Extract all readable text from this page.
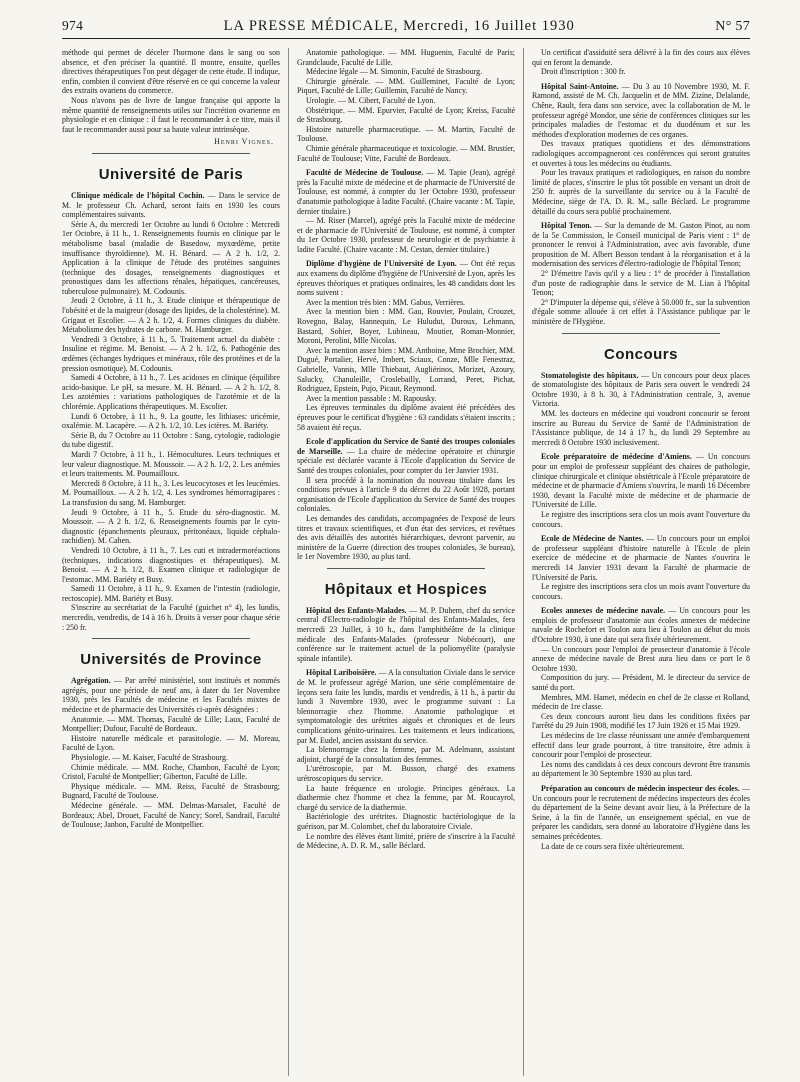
974	LA PRESSE MÉDICALE, Mercredi, 16 Juillet 1930	N° 57

méthode qui permet de déceler l'hormone dans le sang ou son absence, et d'en préciser la quantité. Il montre, ensuite, quelles directives thérapeutiques l'on peut dégager de cette étude. Il indique, enfin, combien il convient d'être réservé en ce qui concerne la valeur des extraits ovariens du commerce.

Nous n'avons pas de livre de langue française qui apporte la même quantité de renseignements utiles sur l'incrétion ovarienne en physiologie et en clinique : il faut le recommander à ce titre, mais il faut le recommander aussi pour sa haute valeur intrinsèque.

Henri Vignes.

Université de Paris

Clinique médicale de l'hôpital Cochin. — Dans le service de M. le professeur Ch. Achard, seront faits en 1930 les cours complémentaires suivants.

Série A, du mercredi 1er Octobre au lundi 6 Octobre : Mercredi 1er Octobre, à 11 h., 1. Renseignements fournis en clinique par le métabolisme basal (maladie de Basedow, myxœdème, petite insuffisance thyroïdienne). M. H. Bénard. — A 2 h. 1/2, 2. Application à la clinique de l'étude des protéines sanguines (technique des dosages, renseignements diagnostiques et pronostiques dans les affections rénales, hépatiques, cancéreuses, tuberculose pulmonaire). M. Codounis.

Jeudi 2 Octobre, à 11 h., 3. Etude clinique et thérapeutique de l'obésité et de la maigreur (dosage des lipides, de la cholestérine). M. Grigaut et Escolier. — A 2 h. 1/2, 4. Formes cliniques du diabète. Métabolisme des hydrates de carbone. M. Hamburger.

Vendredi 3 Octobre, à 11 h., 5. Traitement actuel du diabète : Insuline et régime. M. Benoist. — A 2 h. 1/2, 6. Pathogénie des œdèmes (échanges hydriques et minéraux, rôle des protéines et de la pression osmotique). M. Codounis.

Samedi 4 Octobre, à 11 h., 7. Les acidoses en clinique (équilibre acido-basique. Le pH, sa mesure. M. H. Bénard. — A 2 h. 1/2, 8. Les azotémies : variations pathologiques de l'azotémie et de la chlorémie. Applications thérapeutiques. M. Escolier.

Lundi 6 Octobre, à 11 h., 9. La goutte, les lithiases: uricémie, oxalémie. M. Lacapère. — A 2 h. 1/2, 10. Les ictères. M. Bariéty.

Série B, du 7 Octobre au 11 Octobre : Sang, cytologie, radiologie du tube digestif.

Mardi 7 Octobre, à 11 h., 1. Hémocultures. Leurs techniques et leur valeur diagnostique. M. Moussoir. — A 2 h. 1/2, 2. Les anémies et leurs traitements. M. Poumailloux.

Mercredi 8 Octobre, à 11 h., 3. Les leucocytoses et les leucémies. M. Poumailloux. — A 2 h. 1/2, 4. Les syndromes hémorragipares : La transfusion du sang. M. Hamburger.

Jeudi 9 Octobre, à 11 h., 5. Etude du séro-diagnostic. M. Moussoir. — A 2 h. 1/2, 6. Renseignements fournis par le cyto-diagnostic (épanchements pleuraux, péritonéaux, liquide céphalo-rachidien). M. Cahen.

Vendredi 10 Octobre, à 11 h., 7. Les cuti et intradermoréactions (techniques, indications diagnostiques et thérapeutiques). M. Benoist. — A 2 h. 1/2, 8. Examen clinique et radiologique de l'estomac. MM. Bariéty et Busy.

Samedi 11 Octobre, à 11 h., 9. Examen de l'intestin (radiologie, rectoscopie). MM. Bariéty et Busy.

S'inscrire au secrétariat de la Faculté (guichet n° 4), les lundis, mercredis, vendredis, de 14 à 16 h. Droits à verser pour chaque série : 250 fr.

Universités de Province

Agrégation. — Par arrêté ministériel, sont institués et nommés agrégés, pour une période de neuf ans, à dater du 1er Novembre 1930, près les Facultés de médecine et les Facultés mixtes de médecine et de pharmacie des Universités ci-après désignées :

Anatomie. — MM. Thomas, Faculté de Lille; Laux, Faculté de Montpellier; Dufour, Faculté de Bordeaux.

Histoire naturelle médicale et parasitologie. — M. Moreau, Faculté de Lyon.

Physiologie. — M. Kaiser, Faculté de Strasbourg.

Chimie médicale. — MM. Roche, Chambon, Faculté de Lyon; Cristol, Faculté de Montpellier; Giberton, Faculté de Lille.

Physique médicale. — MM. Reiss, Faculté de Strasbourg; Bugnard, Faculté de Toulouse.

Médecine générale. — MM. Delmas-Marsalet, Faculté de Bordeaux; Abel, Drouet, Faculté de Nancy; Sorel, Sandrail, Faculté de Toulouse; Janbon, Faculté de Montpellier.

Anatomie pathologique. — MM. Huguenin, Faculté de Paris; Grandclaude, Faculté de Lille.

Médecine légale — M. Simonin, Faculté de Strasbourg.

Chirurgie générale. — MM. Guilleminet, Faculté de Lyon; Piquet, Faculté de Lille; Guillemin, Faculté de Nancy.

Urologie. — M. Cibert, Faculté de Lyon.

Obstétrique. — MM. Epurvier, Faculté de Lyon; Kreiss, Faculté de Strasbourg.

Histoire naturelle pharmaceutique. — M. Martin, Faculté de Toulouse.

Chimie générale pharmaceutique et toxicologie. — MM. Brustier, Faculté de Toulouse; Vitte, Faculté de Bordeaux.

Faculté de Médecine de Toulouse. — M. Tapie (Jean), agrégé près la Faculté mixte de médecine et de pharmacie de l'Université de Toulouse, est nommé, à compter du 1er Octobre 1930, professeur d'anatomie pathologique à ladite Faculté. (Chaire vacante : M. Tapie, dernier titulaire.)

— M. Riser (Marcel), agrégé près la Faculté mixte de médecine et de pharmacie de l'Université de Toulouse, est nommé, à compter du 1er Octobre 1930, professeur de neurologie et de psychiatrie à ladite Faculté. (Chaire vacante : M. Cestan, dernier titulaire.)

Diplôme d'hygiène de l'Université de Lyon. — Ont été reçus aux examens du diplôme d'hygiène de l'Université de Lyon, après les épreuves théoriques et pratiques ordinaires, les 48 candidats dont les noms suivent :

Avec la mention très bien : MM. Gabus, Verrières.

Avec la mention bien : MM. Gau, Rouvier, Poulain, Crouzet, Rovegno, Balay, Hannequin, Le Huludut, Duroux, Lehmann, Bastard, Sohier, Boyer, Lubineau, Moutier, Roman-Monnier, Moroni, Perolini, Mlle Nicolas.

Avec la mention assez bien : MM. Anthoine, Mme Brochier, MM. Dugué, Portalier, Hervé, Imbert, Sciaux, Conze, Mlle Fenestraz, Gabrielle, Vannis, Mlle Thiebaut, Augliérinos, Morizet, Azoury, Salucky, Chanuleille, Croslebailly, Lorrand, Peret, Pichat, Rodriguez, Epstein, Pujo, Picaut, Reymond.

Avec la mention passable : M. Rapousky.

Les épreuves terminales du diplôme avaient été précédées des épreuves pour le certificat d'hygiène : 63 candidats s'étaient inscrits ; 58 avaient été reçus.

Ecole d'application du Service de Santé des troupes coloniales de Marseille. — La chaire de médecine opératoire et chirurgie spéciale est déclarée vacante à l'Ecole d'application du Service de Santé des troupes coloniales, pour compter du 1er Janvier 1931.

Il sera procédé à la nomination du nouveau titulaire dans les conditions prévues à l'article 9 du décret du 22 Août 1928, portant organisation de l'Ecole d'application du Service de Santé des troupes coloniales.

Les demandes des candidats, accompagnées de l'exposé de leurs titres et travaux scientifiques, et d'un état des services, et revêtues des avis détaillés des autorités hiérarchiques, devront parvenir, au ministère de la Guerre (direction des troupes coloniales, 3e bureau), le 1er Novembre 1930, au plus tard.

Hôpitaux et Hospices

Hôpital des Enfants-Malades. — M. P. Duhem, chef du service central d'Electro-radiologie de l'hôpital des Enfants-Malades, fera mercredi 23 Juillet, à 10 h., dans l'amphithéâtre de la clinique médicale des Enfants-Malades (professeur Nobécourt), une conférence sur le traitement actuel de la poliomyélite (paralysie spinale infantile).

Hôpital Lariboisière. — A la consultation Civiale dans le service de M. le professeur agrégé Marion, une série complémentaire de leçons sera faite les lundis, mardis et vendredis, à 11 h., à partir du lundi 3 Novembre 1930, avec le programme suivant : La blennorragie chez l'homme. Anatomie pathologique et symptomatologie des urétrites aiguës et chroniques et de leurs complications génito-urinaires. Les traitements et leurs indications, par M. Eudel, ancien assistant du service.

La blennorragie chez la femme, par M. Adelmann, assistant adjoint, chargé de la consultation des femmes.

L'urétroscopie, par M. Busson, chargé des examens urétroscopiques du service.

La haute fréquence en urologie. Principes généraux. La diathermie chez l'homme et chez la femme, par M. Roucayrol, chargé du service de la diathermie.

Bactériologie des urétrites. Diagnostic bactériologique de la guérison, par M. Colombet, chef du laboratoire Civiale.

Le nombre des élèves étant limité, prière de s'inscrire à la Faculté de Médecine, A. D. R. M., salle Béclard.

Un certificat d'assiduité sera délivré à la fin des cours aux élèves qui en feront la demande.

Droit d'inscription : 300 fr.

Hôpital Saint-Antoine. — Du 3 au 10 Novembre 1930, M. F. Ramond, assisté de M. Ch. Jacquelin et de MM. Zizine, Delalande, Chêne, Rault, fera dans son service, avec la collaboration de M. le professeur agrégé Mondor, une série de conférences cliniques sur les principales maladies de l'estomac et du duodénum et sur les méthodes d'exploration modernes de ces organes.

Des travaux pratiques quotidiens et des démonstrations radiologiques accompagneront ces conférences qui seront gratuites et ouvertes à tous les médecins ou étudiants.

Pour les travaux pratiques et radiologiques, en raison du nombre limité de places, s'inscrire le plus tôt possible en versant un droit de 250 fr. auprès de la surveillante du service ou à la Faculté de Médecine, siège de l'A. D. R. M., salle Béclard. Le programme détaillé du cours sera publié prochainement.

Hôpital Tenon. — Sur la demande de M. Gaston Pinot, au nom de la 5e Commission, le Conseil municipal de Paris vient : 1° de prononcer le renvoi à l'Administration, avec avis favorable, d'une proposition de M. Albert Besson tendant à la réorganisation et à la modernisation des services d'électro-radiologie de l'hôpital Tenon;

2° D'émettre l'avis qu'il y a lieu : 1° de procéder à l'installation d'un poste de radiographie dans le service de M. Lian à l'hôpital Tenon;

2° D'imputer la dépense qui, s'élève à 50.000 fr., sur la subvention d'égale somme allouée à cet effet à l'Assistance publique par le ministère de l'Hygiène.

Concours

Stomatologiste des hôpitaux. — Un concours pour deux places de stomatologiste des hôpitaux de Paris sera ouvert le vendredi 24 Octobre 1930, à 8 h. 30, à l'Administration centrale, 3, avenue Victoria.

MM. les docteurs en médecine qui voudront concourir se feront inscrire au Bureau du Service de Santé de l'Administration de l'Assistance publique, de 14 à 17 h., du lundi 29 Septembre au mercredi 8 Octobre 1930 inclusivement.

Ecole préparatoire de médecine d'Amiens. — Un concours pour un emploi de professeur suppléant des chaires de pathologie, clinique chirurgicale et clinique obstétricale à l'Ecole préparatoire de médecine et de pharmacie d'Amiens s'ouvrira, le mardi 16 Décembre 1930, devant la Faculté mixte de médecine et de pharmacie de l'Université de Lille.

Le registre des inscriptions sera clos un mois avant l'ouverture du concours.

Ecole de Médecine de Nantes. — Un concours pour un emploi de professeur suppléant d'histoire naturelle à l'Ecole de plein exercice de médecine et de pharmacie de Nantes s'ouvrira le mercredi 14 Janvier 1931 devant la Faculté de pharmacie de l'Université de Paris.

Le registre des inscriptions sera clos un mois avant l'ouverture du concours.

Ecoles annexes de médecine navale. — Un concours pour les emplois de professeur d'anatomie aux écoles annexes de médecine navale de Rochefort et Toulon aura lieu à Toulon au début du mois d'Octobre 1930, à une date qui sera fixée ultérieurement.

— Un concours pour l'emploi de prosecteur d'anatomie à l'école annexe de médecine navale de Brest aura lieu dans ce port le 8 Octobre 1930.

Composition du jury. — Président, M. le directeur du service de santé du port.

Membres, MM. Hamet, médecin en chef de 2e classe et Rolland, médecin de 1re classe.

Ces deux concours auront lieu dans les conditions fixées par l'arrêté du 29 Juin 1908, modifié les 17 Juin 1926 et 15 Mai 1929.

Les médecins de 1re classe réunissant une année d'embarquement effectif dans leur grade pourront, à titre transitoire, être admis à concourir pour l'emploi de prosecteur.

Les noms des candidats à ces deux concours devront être transmis au département le 30 Septembre 1930 au plus tard.

Préparation au concours de médecin inspecteur des écoles. — Un concours pour le recrutement de médecins inspecteurs des écoles du département de la Seine devant avoir lieu, à la Préfecture de la Seine, à la fin de l'année, un enseignement spécial, en vue de préparer les candidats, sera donné au laboratoire d'Hygiène dans les semaines précédentes.

La date de ce cours sera fixée ultérieurement.
